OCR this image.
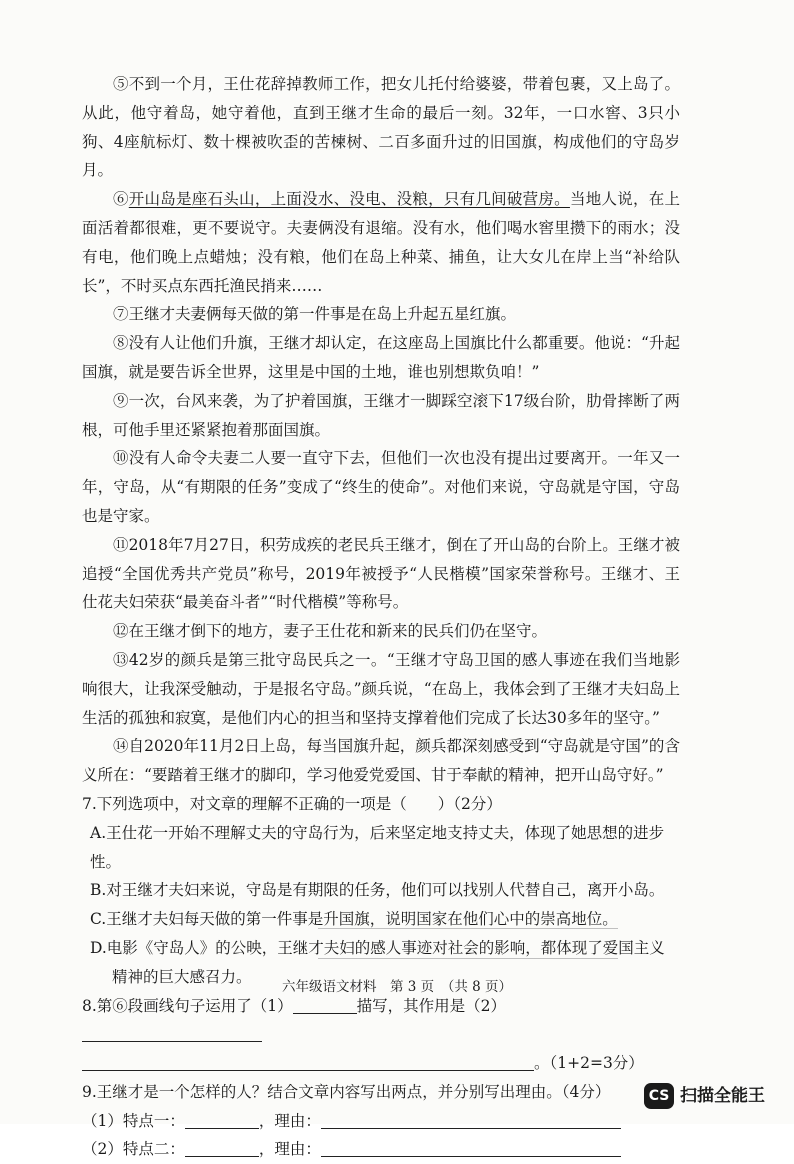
⑤不到一个月，王仕花辞掉教师工作，把女儿托付给婆婆，带着包裹，又上岛了。从此，他守着岛，她守着他，直到王继才生命的最后一刻。32年，一口水窖、3只小狗、4座航标灯、数十棵被吹歪的苦楝树、二百多面升过的旧国旗，构成他们的守岛岁月。

⑥开山岛是座石头山，上面没水、没电、没粮，只有几间破营房。当地人说，在上面活着都很难，更不要说守。夫妻俩没有退缩。没有水，他们喝水窖里攒下的雨水；没有电，他们晚上点蜡烛；没有粮，他们在岛上种菜、捕鱼，让大女儿在岸上当“补给队长”，不时买点东西托渔民捎来……

⑦王继才夫妻俩每天做的第一件事是在岛上升起五星红旗。

⑧没有人让他们升旗，王继才却认定，在这座岛上国旗比什么都重要。他说：“升起国旗，就是要告诉全世界，这里是中国的土地，谁也别想欺负咱！”

⑨一次，台风来袭，为了护着国旗，王继才一脚踩空滚下17级台阶，肋骨摔断了两根，可他手里还紧紧抱着那面国旗。

⑩没有人命令夫妻二人要一直守下去，但他们一次也没有提出过要离开。一年又一年，守岛，从“有期限的任务”变成了“终生的使命”。对他们来说，守岛就是守国，守岛也是守家。

⑪2018年7月27日，积劳成疾的老民兵王继才，倒在了开山岛的台阶上。王继才被追授“全国优秀共产党员”称号，2019年被授予“人民楷模”国家荣誉称号。王继才、王仕花夫妇荣获“最美奋斗者”“时代楷模”等称号。

⑫在王继才倒下的地方，妻子王仕花和新来的民兵们仍在坚守。

⑬42岁的颜兵是第三批守岛民兵之一。“王继才守岛卫国的感人事迹在我们当地影响很大，让我深受触动，于是报名守岛。”颜兵说，“在岛上，我体会到了王继才夫妇岛上生活的孤独和寂寞，是他们内心的担当和坚持支撑着他们完成了长达30多年的坚守。”

⑭自2020年11月2日上岛，每当国旗升起，颜兵都深刻感受到“守岛就是守国”的含义所在：“要踏着王继才的脚印，学习他爱党爱国、甘于奉献的精神，把开山岛守好。”

7.下列选项中，对文章的理解不正确的一项是（　　）（2分）

A.王仕花一开始不理解丈夫的守岛行为，后来坚定地支持丈夫，体现了她思想的进步性。

B.对王继才夫妇来说，守岛是有期限的任务，他们可以找别人代替自己，离开小岛。

C.王继才夫妇每天做的第一件事是升国旗，说明国家在他们心中的崇高地位。

D.电影《守岛人》的公映，王继才夫妇的感人事迹对社会的影响，都体现了爱国主义

精神的巨大感召力。

8.第⑥段画线句子运用了（1）	描写，其作用是（2）

。（1+2=3分）

9.王继才是一个怎样的人？结合文章内容写出两点，并分别写出理由。（4分）

（1）特点一：	，理由：

（2）特点二：	，理由：

六年级语文材料　第 3 页　（共 8 页）
CS 扫描全能王
